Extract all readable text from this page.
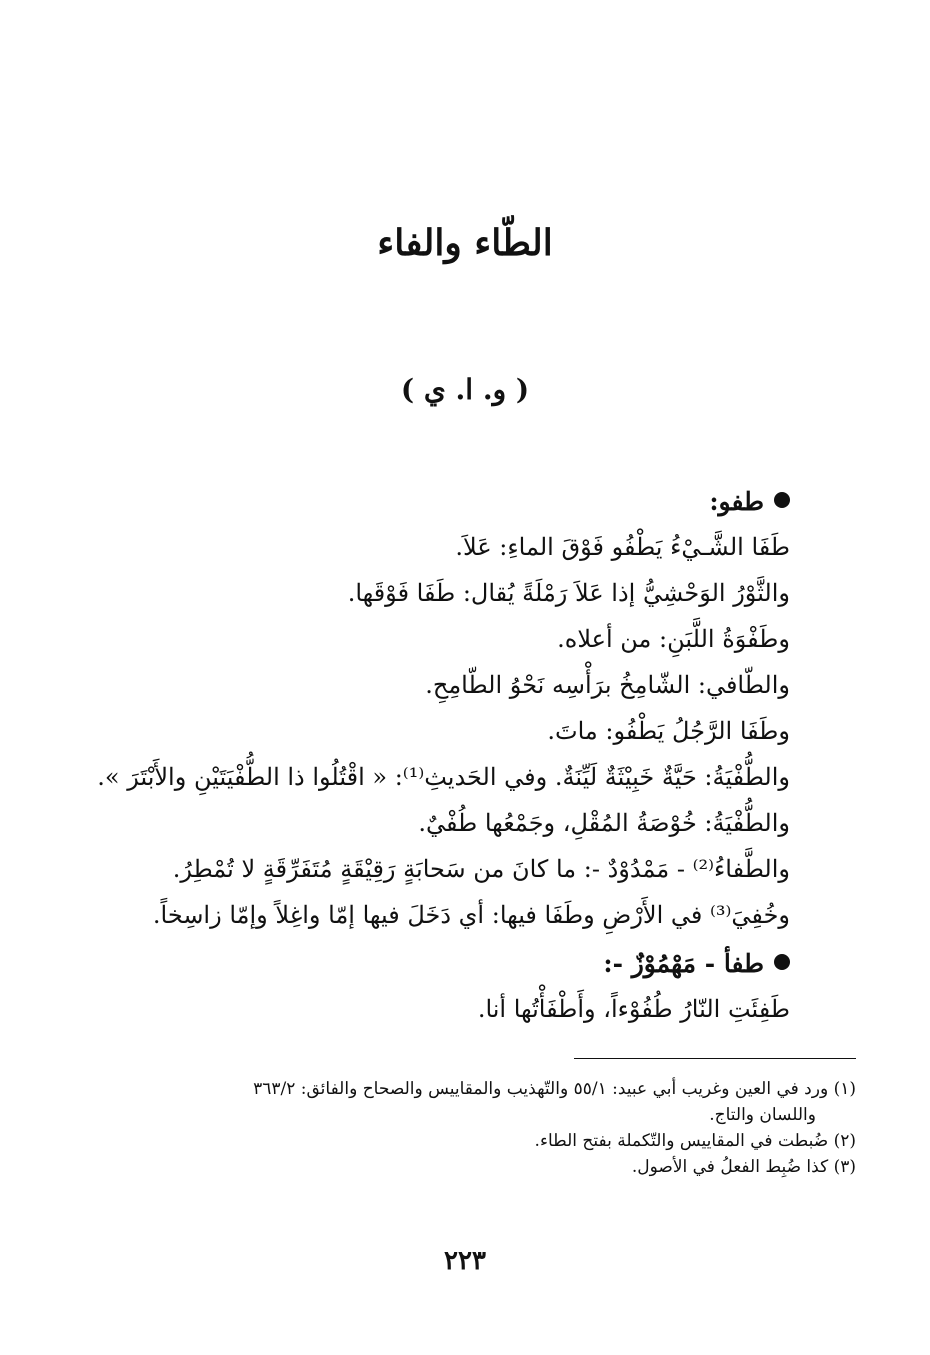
الطّاء والفاء
( و. ا. ي )
طفو:
طَفَا الشَّـيْءُ يَطْفُو فَوْقَ الماءِ: عَلاَ.
والثَّوْرُ الوَحْشِيُّ إذا عَلاَ رَمْلَةً يُقال: طَفَا فَوْقَها.
وطَفْوَةُ اللَّبَنِ: من أعلاه.
والطّافي: الشّامِخُ برَأْسِه نَحْوُ الطّامِحِ.
وطَفَا الرَّجُلُ يَطْفُو: ماتَ.
والطُّفْيَةُ: حَيَّةٌ خَبِيْثَةٌ لَيِّنَةٌ. وفي الحَديثِ⁽¹⁾: « اقْتُلُوا ذا الطُّفْيَتَيْنِ والأَبْتَرَ ».
والطُّفْيَةُ: خُوْصَةُ المُقْلِ، وجَمْعُها طُفْيٌ.
والطَّفاءُ⁽²⁾ - مَمْدُوْدٌ -: ما كانَ من سَحابَةٍ رَقِيْقَةٍ مُتَفَرِّقَةٍ لا تُمْطِرُ.
وخُفِيَ⁽³⁾ في الأَرْضِ وطَفَا فيها: أي دَخَلَ فيها إمّا واغِلاً وإمّا زاسِخاً.
طفأ - مَهْمُوْزٌ -:
طَفِئَتِ النّارُ طُفُوْءاً، وأَطْفَأْتُها أنا.
(١) ورد في العين وغريب أبي عبيد: ٥٥/١ والتّهذيب والمقاييس والصحاح والفائق: ٣٦٣/٢
واللسان والتاج.
(٢) ضُبطت في المقاييس والتّكملة بفتح الطاء.
(٣) كذا ضُبِط الفعلُ في الأصول.
٢٢٣
